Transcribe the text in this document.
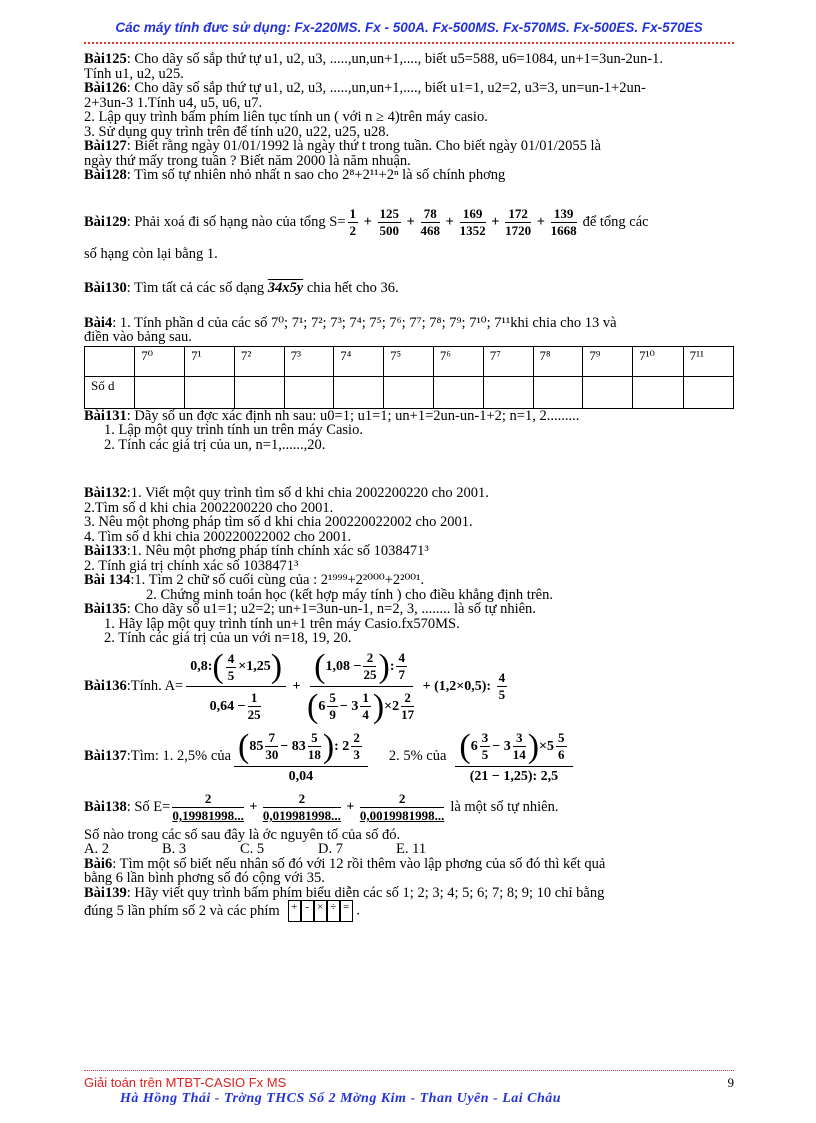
Các máy tính đưc sử dụng: Fx-220MS. Fx - 500A. Fx-500MS. Fx-570MS. Fx-500ES. Fx-570ES

Bài125: Cho dãy số sắp thứ tự u1, u2, u3, .....,un,un+1,...., biết u5=588, u6=1084, un+1=3un-2un-1.

Tính u1, u2, u25.

Bài126: Cho dãy số sắp thứ tự u1, u2, u3, .....,un,un+1,...., biết u1=1, u2=2, u3=3, un=un-1+2un-

2+3un-3 1.Tính u4, u5, u6, u7.

2. Lập quy trình bấm phím liên tục tính un ( với n ≥ 4)trên máy casio.

3. Sử dụng quy trình trên để tính u20, u22, u25, u28.

Bài127: Biết rằng ngày 01/01/1992 là ngày thứ t trong tuần. Cho biết ngày 01/01/2055 là

ngày thứ mấy trong tuần ? Biết năm 2000 là năm nhuận.

Bài128: Tìm số tự nhiên nhỏ nhất n sao cho 2⁸+2¹¹+2ⁿ là số chính phơng

Bài129 : Phải xoá đi số hạng nào của tổng $S= \frac{1}{2} + \frac{125}{500} + \frac{78}{468} + \frac{169}{1352} + \frac{172}{1720} + \frac{139}{1668}$ để tổng các

số hạng còn lại bằng 1.

Bài130: Tìm tất cả các số dạng 34x5y chia hết cho 36.

Bài4: 1. Tính phần d của các số 7⁰; 7¹; 7²; 7³; 7⁴; 7⁵; 7⁶; 7⁷; 7⁸; 7⁹; 7¹⁰; 7¹¹khi chia cho 13 và

điền vào bảng sau.

	7⁰	7¹	7²	7³	7⁴	7⁵	7⁶	7⁷	7⁸	7⁹	7¹⁰	7¹¹
Số d												

Bài131: Dãy số un đợc xác định nh sau: u0=1; u1=1; un+1=2un-un-1+2; n=1, 2.........

1. Lập một quy trình tính un trên máy Casio.

2. Tính các giá trị của un, n=1,......,20.

Bài132:1. Viết một quy trình tìm số d khi chia 2002200220 cho 2001.

2.Tìm số d khi chia 2002200220 cho 2001.

3. Nêu một phơng pháp tìm số d khi chia 200220022002 cho 2001.

4. Tìm số d khi chia 200220022002 cho 2001.

Bài133:1. Nêu một phơng pháp tính chính xác số 1038471³

2. Tính giá trị chính xác số 1038471³

Bài 134:1. Tìm 2 chữ số cuối cùng của : 2¹⁹⁹⁹+2²⁰⁰⁰+2²⁰⁰¹.

2. Chứng minh toán học (kết hợp máy tính ) cho điều khẳng định trên.

Bài135: Cho dãy số u1=1; u2=2; un+1=3un-un-1, n=2, 3, ........ là số tự nhiên.

1. Hãy lập một quy trình tính un+1 trên máy Casio.fx570MS.

2. Tính các giá trị của un với n=18, 19, 20.

Bài136 :Tính. $A= \frac{0,8: ( \frac{4}{5} \times 1,25 )}{0,64 - \frac{1}{25}} + \frac{( 1,08 - \frac{2}{25} ) : \frac{4}{7}}{( 6 \frac{5}{9} - 3 \frac{1}{4} ) \times 2 \frac{2}{17}} + (1,2\times 0,5)$: $\frac{4}{5}$
Bài137 :Tìm: 1. 2,5% của $\frac{( 85 \frac{7}{30} - 83 \frac{5}{18} ) : 2 \frac{2}{3}}{0,04} 2$. 5% của $\frac{( 6 \frac{3}{5} - 3 \frac{3}{14} ) \times 5 \frac{5}{6}}{(21 - 1,25): 2,5}$
Bài138 : Số $E= \frac{2}{0,19981998...} + \frac{2}{0,019981998...} + \frac{2}{0,0019981998...}$ là một số tự nhiên.

Số nào trong các số sau đây là ớc nguyên tố của số đó.

A. 2	B. 3	C. 5	D. 7	E. 11

Bài6: Tìm một số biết nếu nhân số đó với 12 rồi thêm vào lập phơng của số đó thì kết quả

bằng 6 lần bình phơng số đó cộng với 35.

Bài139: Hãy viết quy trình bấm phím biểu diễn các số 1; 2; 3; 4; 5; 6; 7; 8; 9; 10 chỉ bằng

đúng 5 lần phím số 2 và các phím	+ - × ÷ = .

Giải toán trên MTBT-CASIO Fx MS	9
Hà Hồng Thái - Trờng THCS Số 2 Mờng Kim - Than Uyên - Lai Châu
